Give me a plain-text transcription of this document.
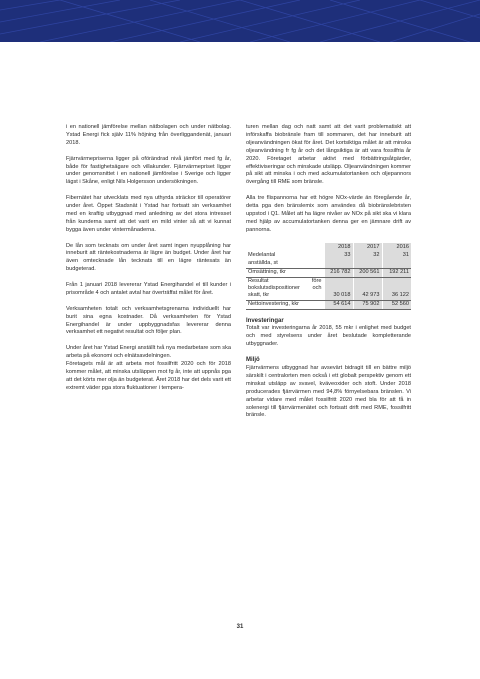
i en nationell jämförelse mellan nätbolagen och under nätbolag. Ystad Energi fick själv 11% höjning från överliggandenät, januari 2018.

Fjärrvärmepriserna ligger på oförändrad nivå jämfört med fg år, både för fastighetsägare och villakunder. Fjärrvärmepriset ligger under genomsnittet i en nationell jämförelse i Sverige och ligger lägst i Skåne, enligt Nils Holgersson undersökningen.

Fibernätet har utvecklats med nya uthyrda sträckor till operatörer under året. Öppet Stadsnät i Ystad har fortsatt sin verksamhet med en kraftig utbyggnad med anledning av det stora intresset från kunderna samt att det varit en mild vinter så att vi kunnat bygga även under vintermånaderna.

De lån som tecknats om under året samt ingen nyupplåning har inneburit att räntekostnaderna är lägre än budget. Under året har även omtecknade lån tecknats till en lägre räntesats än budgeterad.

Från 1 januari 2018 levererar Ystad Energihandel el till kunder i prisområde 4 och antalet avtal har överträffat målet för året.

Verksamheten totalt och verksamhetsgrenarna individuellt har burit sina egna kostnader. Då verksamheten för Ystad Energihandel är under uppbyggnadsfas levererar denna verksamhet ett negativt resultat och följer plan.

Under året har Ystad Energi anställt två nya medarbetare som ska arbeta på ekonomi och elnätsavdelningen.
Företagets mål är att arbeta mot fossilfritt 2020 och för 2018 kommer målet, att minska utsläppen mot fg år, inte att uppnås pga att det körts mer olja än budgeterat. Året 2018 har det dels varit ett extremt väder pga stora fluktuationer i tempera-

turen mellan dag och natt samt att det varit problematiskt att införskaffa biobränsle fram till sommaren, det har inneburit att oljeanvändningen ökat för året. Det kortsiktiga målet är att minska oljeanvändning fr fg år och det långsiktiga är att vara fossilfria år 2020. Företaget arbetar aktivt med förbättringsåtgärder, effektiviseringar och minskade utsläpp. Oljeanvändningen kommer på sikt att minska i och med ackumulatortanken och oljepannors övergång till RME som bränsle.

Alla tre flispannorna har ett högre NOx-värde än föregående år, detta pga den bränslemix som användes då biobränslebristen uppstod i Q1. Målet att ha lägre nivåer av NOx på sikt ska vi klara med hjälp av accumulatortanken denna ger en jämnare drift av pannorna.

	2018	2017	2016
Medelantal	33	32	31
anställda, st			
Omsättning, tkr	216 782	200 561	192 211
Resultat före bokslutsdispositioner och skatt, tkr	30 018	42 973	36 122
Nettoinvestering, kkr	54 614	75 902	52 560
Investeringar

Totalt var investeringarna år 2018, 55 mkr i enlighet med budget och med styrelsens under året beslutade kompletterande utbyggnader.

Miljö

Fjärrvärmens utbyggnad har avsevärt bidragit till en bättre miljö särskilt i centralorten men också i ett globalt perspektiv genom ett minskat utsläpp av svavel, kväveoxider och stoft. Under 2018 producerades fjärrvärmen med 94,8% förnyelsebara bränslen. Vi arbetar vidare med målet fossilfritt 2020 med bla för att få in solenergi till fjärrvärmenätet och fortsatt drift med RME, fossilfritt bränsle.

31
